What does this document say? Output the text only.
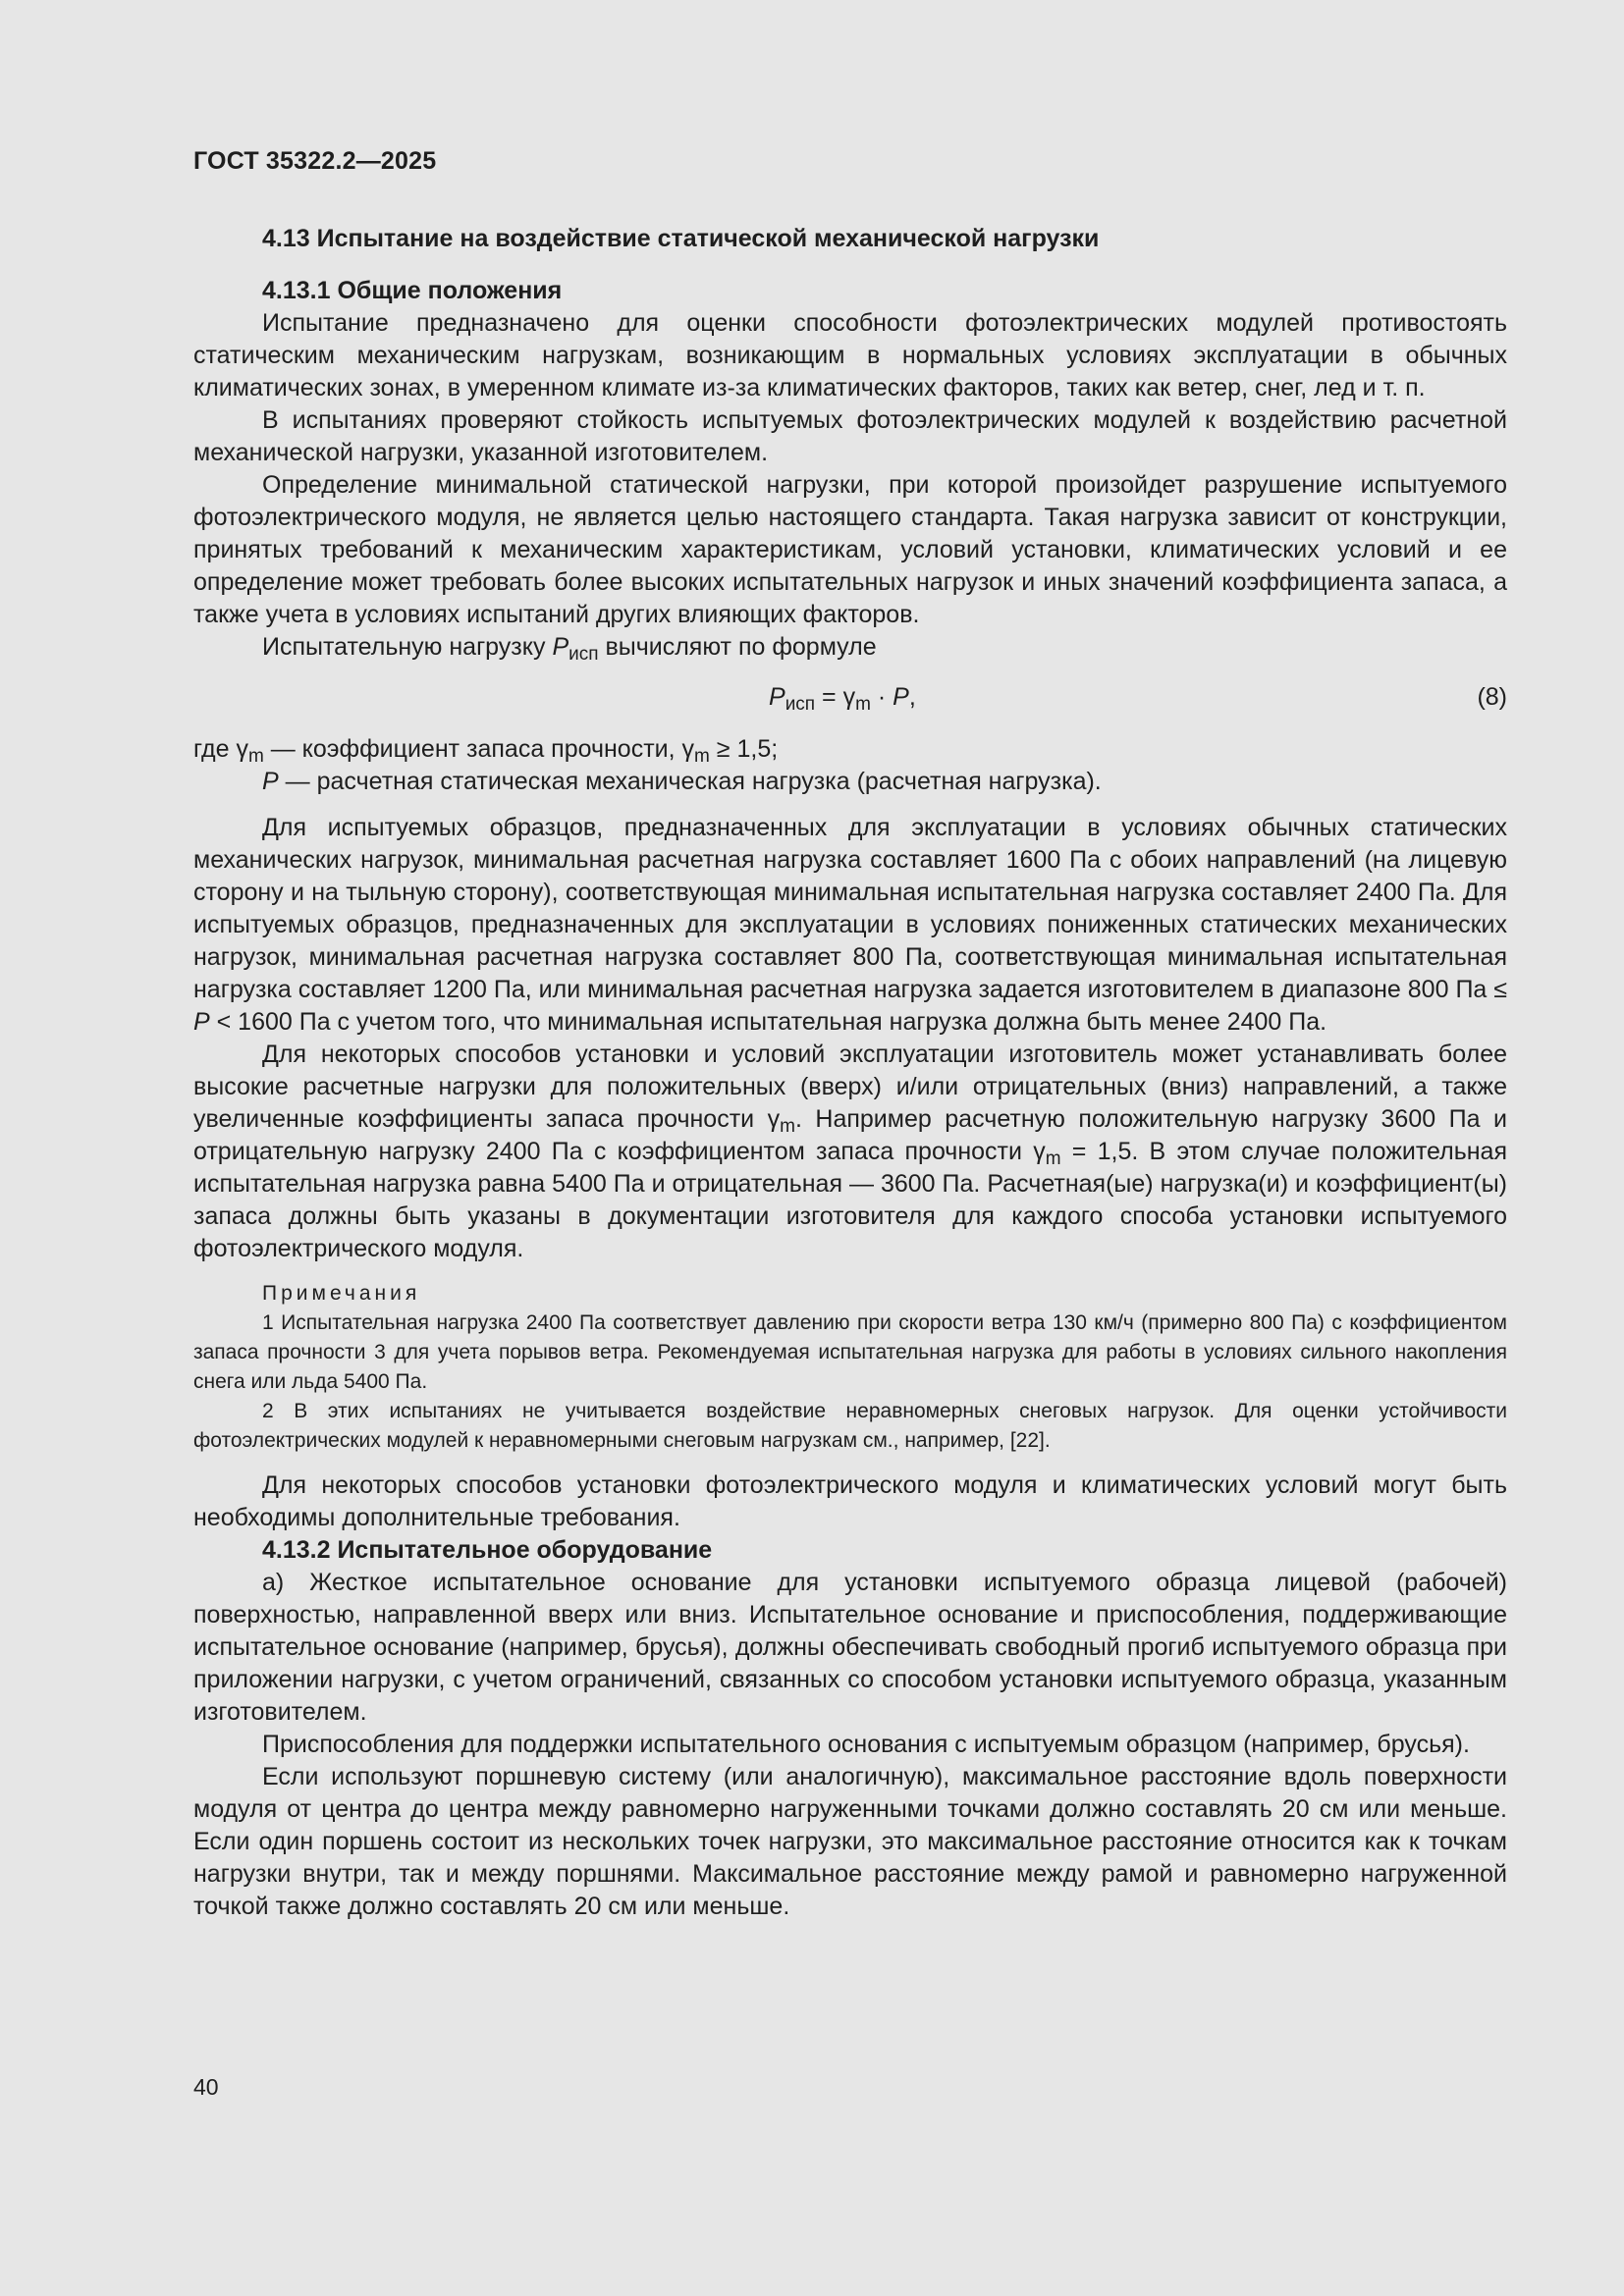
ГОСТ 35322.2—2025
4.13 Испытание на воздействие статической механической нагрузки
4.13.1 Общие положения

Испытание предназначено для оценки способности фотоэлектрических модулей противостоять статическим механическим нагрузкам, возникающим в нормальных условиях эксплуатации в обычных климатических зонах, в умеренном климате из-за климатических факторов, таких как ветер, снег, лед и т. п.

В испытаниях проверяют стойкость испытуемых фотоэлектрических модулей к воздействию расчетной механической нагрузки, указанной изготовителем.

Определение минимальной статической нагрузки, при которой произойдет разрушение испытуемого фотоэлектрического модуля, не является целью настоящего стандарта. Такая нагрузка зависит от конструкции, принятых требований к механическим характеристикам, условий установки, климатических условий и ее определение может требовать более высоких испытательных нагрузок и иных значений коэффициента запаса, а также учета в условиях испытаний других влияющих факторов.

Испытательную нагрузку $P_{исп}$ вычисляют по формуле

$P_{исп} = \gamma_m \cdot P$,	(8)
где $\gamma_m$ — коэффициент запаса прочности, $\gamma_m \ge 1,5$;
P — расчетная статическая механическая нагрузка (расчетная нагрузка).

Для испытуемых образцов, предназначенных для эксплуатации в условиях обычных статических механических нагрузок, минимальная расчетная нагрузка составляет 1600 Па с обоих направлений (на лицевую сторону и на тыльную сторону), соответствующая минимальная испытательная нагрузка составляет 2400 Па. Для испытуемых образцов, предназначенных для эксплуатации в условиях пониженных статических механических нагрузок, минимальная расчетная нагрузка составляет 800 Па, соответствующая минимальная испытательная нагрузка составляет 1200 Па, или минимальная расчетная нагрузка задается изготовителем в диапазоне 800 Па ≤ P < 1600 Па с учетом того, что минимальная испытательная нагрузка должна быть менее 2400 Па.

Для некоторых способов установки и условий эксплуатации изготовитель может устанавливать более высокие расчетные нагрузки для положительных (вверх) и/или отрицательных (вниз) направлений, а также увеличенные коэффициенты запаса прочности $\gamma_m$. Например расчетную положительную нагрузку 3600 Па и отрицательную нагрузку 2400 Па с коэффициентом запаса прочности $\gamma_m = 1,5$. В этом случае положительная испытательная нагрузка равна 5400 Па и отрицательная — 3600 Па. Расчетная(ые) нагрузка(и) и коэффициент(ы) запаса должны быть указаны в документации изготовителя для каждого способа установки испытуемого фотоэлектрического модуля.

Примечания

1 Испытательная нагрузка 2400 Па соответствует давлению при скорости ветра 130 км/ч (примерно 800 Па) с коэффициентом запаса прочности 3 для учета порывов ветра. Рекомендуемая испытательная нагрузка для работы в условиях сильного накопления снега или льда 5400 Па.

2 В этих испытаниях не учитывается воздействие неравномерных снеговых нагрузок. Для оценки устойчивости фотоэлектрических модулей к неравномерными снеговым нагрузкам см., например, [22].

Для некоторых способов установки фотоэлектрического модуля и климатических условий могут быть необходимы дополнительные требования.

4.13.2 Испытательное оборудование

а) Жесткое испытательное основание для установки испытуемого образца лицевой (рабочей) поверхностью, направленной вверх или вниз. Испытательное основание и приспособления, поддерживающие испытательное основание (например, брусья), должны обеспечивать свободный прогиб испытуемого образца при приложении нагрузки, с учетом ограничений, связанных со способом установки испытуемого образца, указанным изготовителем.

Приспособления для поддержки испытательного основания с испытуемым образцом (например, брусья).

Если используют поршневую систему (или аналогичную), максимальное расстояние вдоль поверхности модуля от центра до центра между равномерно нагруженными точками должно составлять 20 см или меньше. Если один поршень состоит из нескольких точек нагрузки, это максимальное расстояние относится как к точкам нагрузки внутри, так и между поршнями. Максимальное расстояние между рамой и равномерно нагруженной точкой также должно составлять 20 см или меньше.

40
